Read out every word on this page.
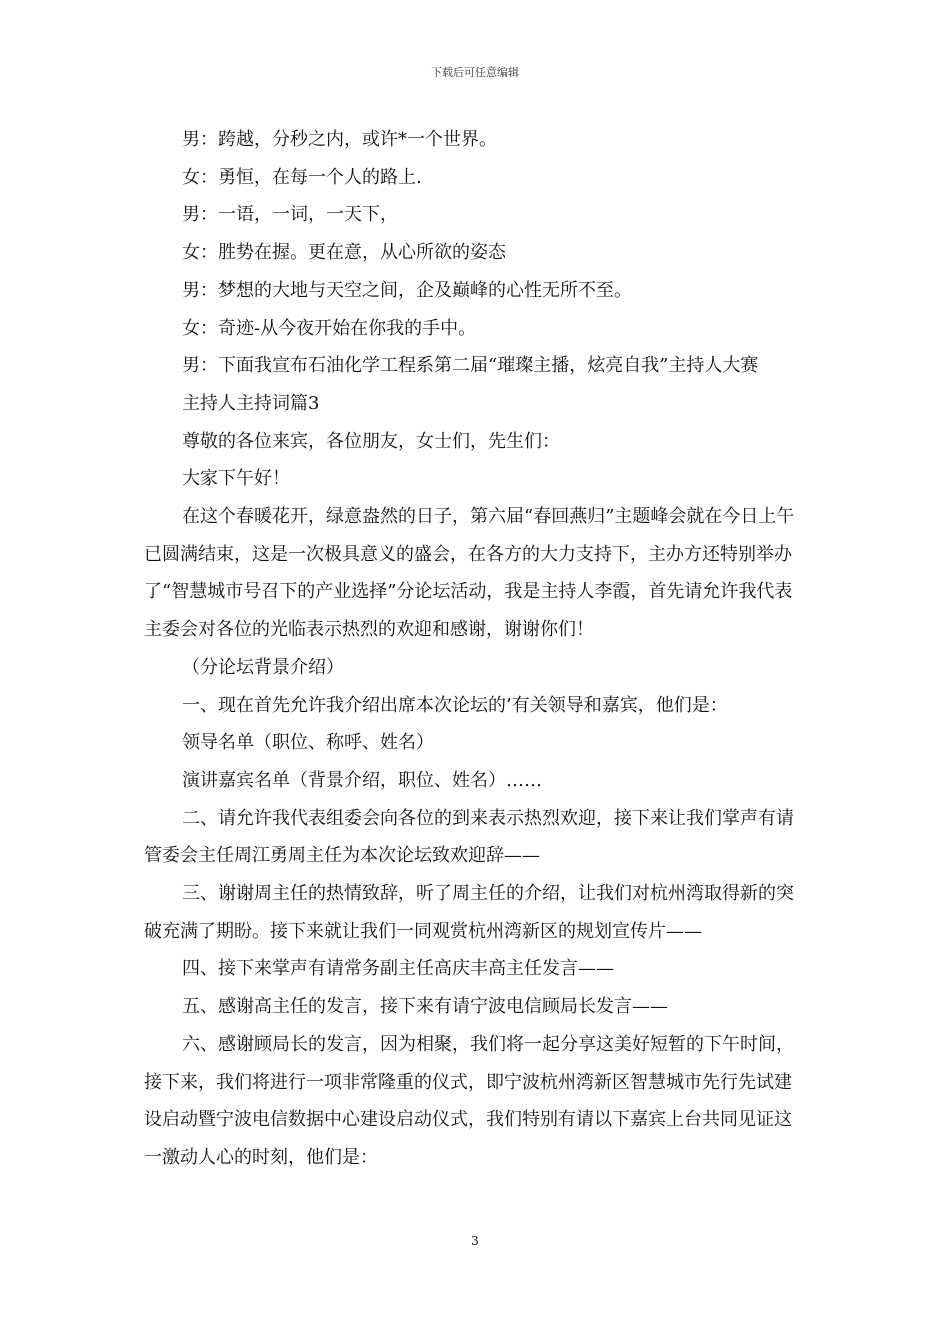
下载后可任意编辑

男：跨越，分秒之内，或许*一个世界。

女：勇恒，在每一个人的路上.

男：一语，一词，一天下，

女：胜势在握。更在意，从心所欲的姿态

男：梦想的大地与天空之间，企及巅峰的心性无所不至。

女：奇迹-从今夜开始在你我的手中。

男：下面我宣布石油化学工程系第二届“璀璨主播，炫亮自我”主持人大赛

主持人主持词篇3

尊敬的各位来宾，各位朋友，女士们，先生们：

大家下午好！

在这个春暖花开，绿意盎然的日子，第六届“春回燕归”主题峰会就在今日上午已圆满结束，这是一次极具意义的盛会，在各方的大力支持下，主办方还特别举办了“智慧城市号召下的产业选择”分论坛活动，我是主持人李霞，首先请允许我代表主委会对各位的光临表示热烈的欢迎和感谢，谢谢你们！

（分论坛背景介绍）

一、现在首先允许我介绍出席本次论坛的’有关领导和嘉宾，他们是：

领导名单（职位、称呼、姓名）

演讲嘉宾名单（背景介绍，职位、姓名）……

二、请允许我代表组委会向各位的到来表示热烈欢迎，接下来让我们掌声有请管委会主任周江勇周主任为本次论坛致欢迎辞——

三、谢谢周主任的热情致辞，听了周主任的介绍，让我们对杭州湾取得新的突破充满了期盼。接下来就让我们一同观赏杭州湾新区的规划宣传片——

四、接下来掌声有请常务副主任高庆丰高主任发言——

五、感谢高主任的发言，接下来有请宁波电信顾局长发言——

六、感谢顾局长的发言，因为相聚，我们将一起分享这美好短暂的下午时间，接下来，我们将进行一项非常隆重的仪式，即宁波杭州湾新区智慧城市先行先试建设启动暨宁波电信数据中心建设启动仪式，我们特别有请以下嘉宾上台共同见证这一激动人心的时刻，他们是：

3
